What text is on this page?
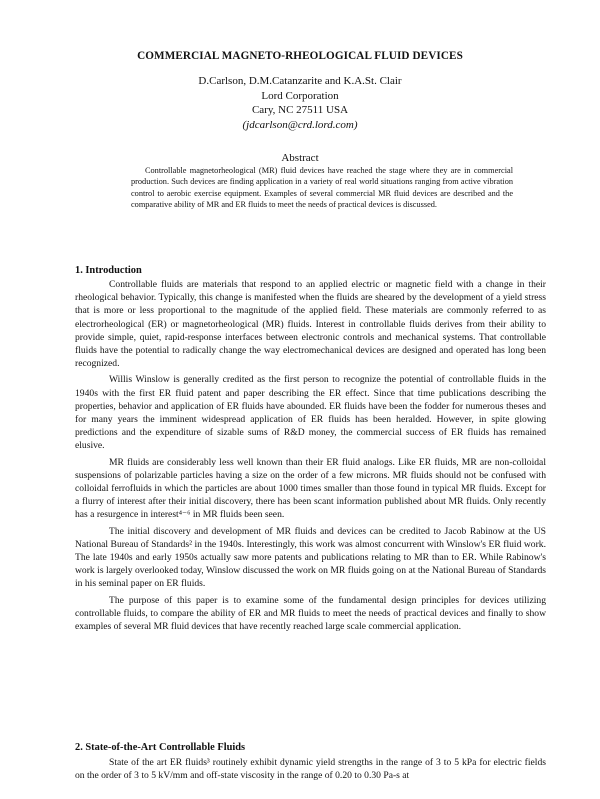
COMMERCIAL MAGNETO-RHEOLOGICAL FLUID DEVICES
D.Carlson, D.M.Catanzarite and K.A.St. Clair
Lord Corporation
Cary, NC 27511 USA
(jdcarlson@crd.lord.com)
Abstract

Controllable magnetorheological (MR) fluid devices have reached the stage where they are in commercial production. Such devices are finding application in a variety of real world situations ranging from active vibration control to aerobic exercise equipment. Examples of several commercial MR fluid devices are described and the comparative ability of MR and ER fluids to meet the needs of practical devices is discussed.

1. Introduction

Controllable fluids are materials that respond to an applied electric or magnetic field with a change in their rheological behavior. Typically, this change is manifested when the fluids are sheared by the development of a yield stress that is more or less proportional to the magnitude of the applied field. These materials are commonly referred to as electrorheological (ER) or magnetorheological (MR) fluids. Interest in controllable fluids derives from their ability to provide simple, quiet, rapid-response interfaces between electronic controls and mechanical systems. That controllable fluids have the potential to radically change the way electromechanical devices are designed and operated has long been recognized.

Willis Winslow is generally credited as the first person to recognize the potential of controllable fluids in the 1940s with the first ER fluid patent and paper describing the ER effect. Since that time publications describing the properties, behavior and application of ER fluids have abounded. ER fluids have been the fodder for numerous theses and for many years the imminent widespread application of ER fluids has been heralded. However, in spite glowing predictions and the expenditure of sizable sums of R&D money, the commercial success of ER fluids has remained elusive.

MR fluids are considerably less well known than their ER fluid analogs. Like ER fluids, MR are non-colloidal suspensions of polarizable particles having a size on the order of a few microns. MR fluids should not be confused with colloidal ferrofluids in which the particles are about 1000 times smaller than those found in typical MR fluids. Except for a flurry of interest after their initial discovery, there has been scant information published about MR fluids. Only recently has a resurgence in interest⁴⁻⁶ in MR fluids been seen.

The initial discovery and development of MR fluids and devices can be credited to Jacob Rabinow at the US National Bureau of Standards² in the 1940s. Interestingly, this work was almost concurrent with Winslow's ER fluid work. The late 1940s and early 1950s actually saw more patents and publications relating to MR than to ER. While Rabinow's work is largely overlooked today, Winslow discussed the work on MR fluids going on at the National Bureau of Standards in his seminal paper on ER fluids.

The purpose of this paper is to examine some of the fundamental design principles for devices utilizing controllable fluids, to compare the ability of ER and MR fluids to meet the needs of practical devices and finally to show examples of several MR fluid devices that have recently reached large scale commercial application.

2. State-of-the-Art Controllable Fluids

State of the art ER fluids³ routinely exhibit dynamic yield strengths in the range of 3 to 5 kPa for electric fields on the order of 3 to 5 kV/mm and off-state viscosity in the range of 0.20 to 0.30 Pa-s at
